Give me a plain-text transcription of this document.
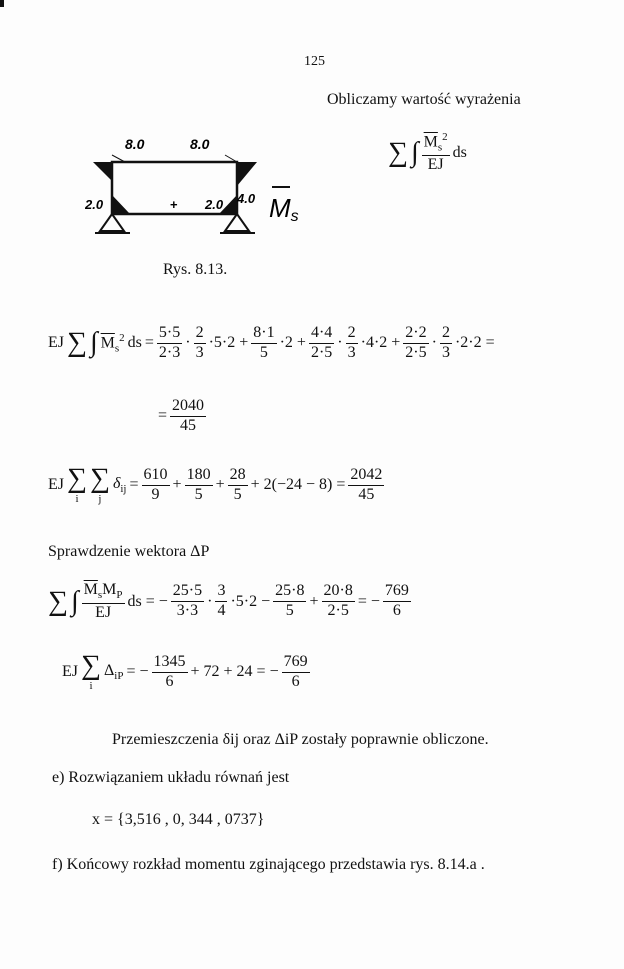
125
Obliczamy wartość wyrażenia
∑ ∫ $\frac{\overline{M}_s^2}{EJ}$ ds
8.0	8.0
4.0
2.0	+ 2.0 Ms
Rys. 8.13.
EJ ∑ ∫ $\overline{M}_s^2$ ds = $\frac{5\cdot 5}{2\cdot 3} \cdot \frac{2}{3} \cdot 5\cdot 2 + \frac{8\cdot 1}{5} \cdot 2 + \frac{4\cdot 4}{2\cdot 5} \cdot \frac{2}{3} \cdot 4\cdot 2 + \frac{2\cdot 2}{2\cdot 5} \cdot \frac{2}{3} \cdot 2\cdot 2$ =
= $\frac{2040}{45}$
EJ ∑
i
∑
j
$\delta_{ij} = \frac{610}{9} + \frac{180}{5} + \frac{28}{5} + 2(-24 - 8) = \frac{2042}{45}$
Sprawdzenie wektora ΔP
∑ ∫ $\frac{\overline{M}_sM_P}{EJ}$ ds = − $\frac{25\cdot 5}{3\cdot 3} \cdot \frac{3}{4} \cdot 5\cdot 2 - \frac{25\cdot 8}{5} + \frac{20\cdot 8}{2\cdot 5}$ = − $\frac{769}{6}$
EJ ∑
i
$\Delta_{iP}$ = − $\frac{1345}{6} + 72 + 24$ = − $\frac{769}{6}$
Przemieszczenia δij oraz ΔiP zostały poprawnie obliczone.
e) Rozwiązaniem układu równań jest
x = {3,516 , 0, 344 , 0737}
f) Końcowy rozkład momentu zginającego przedstawia rys. 8.14.a .
